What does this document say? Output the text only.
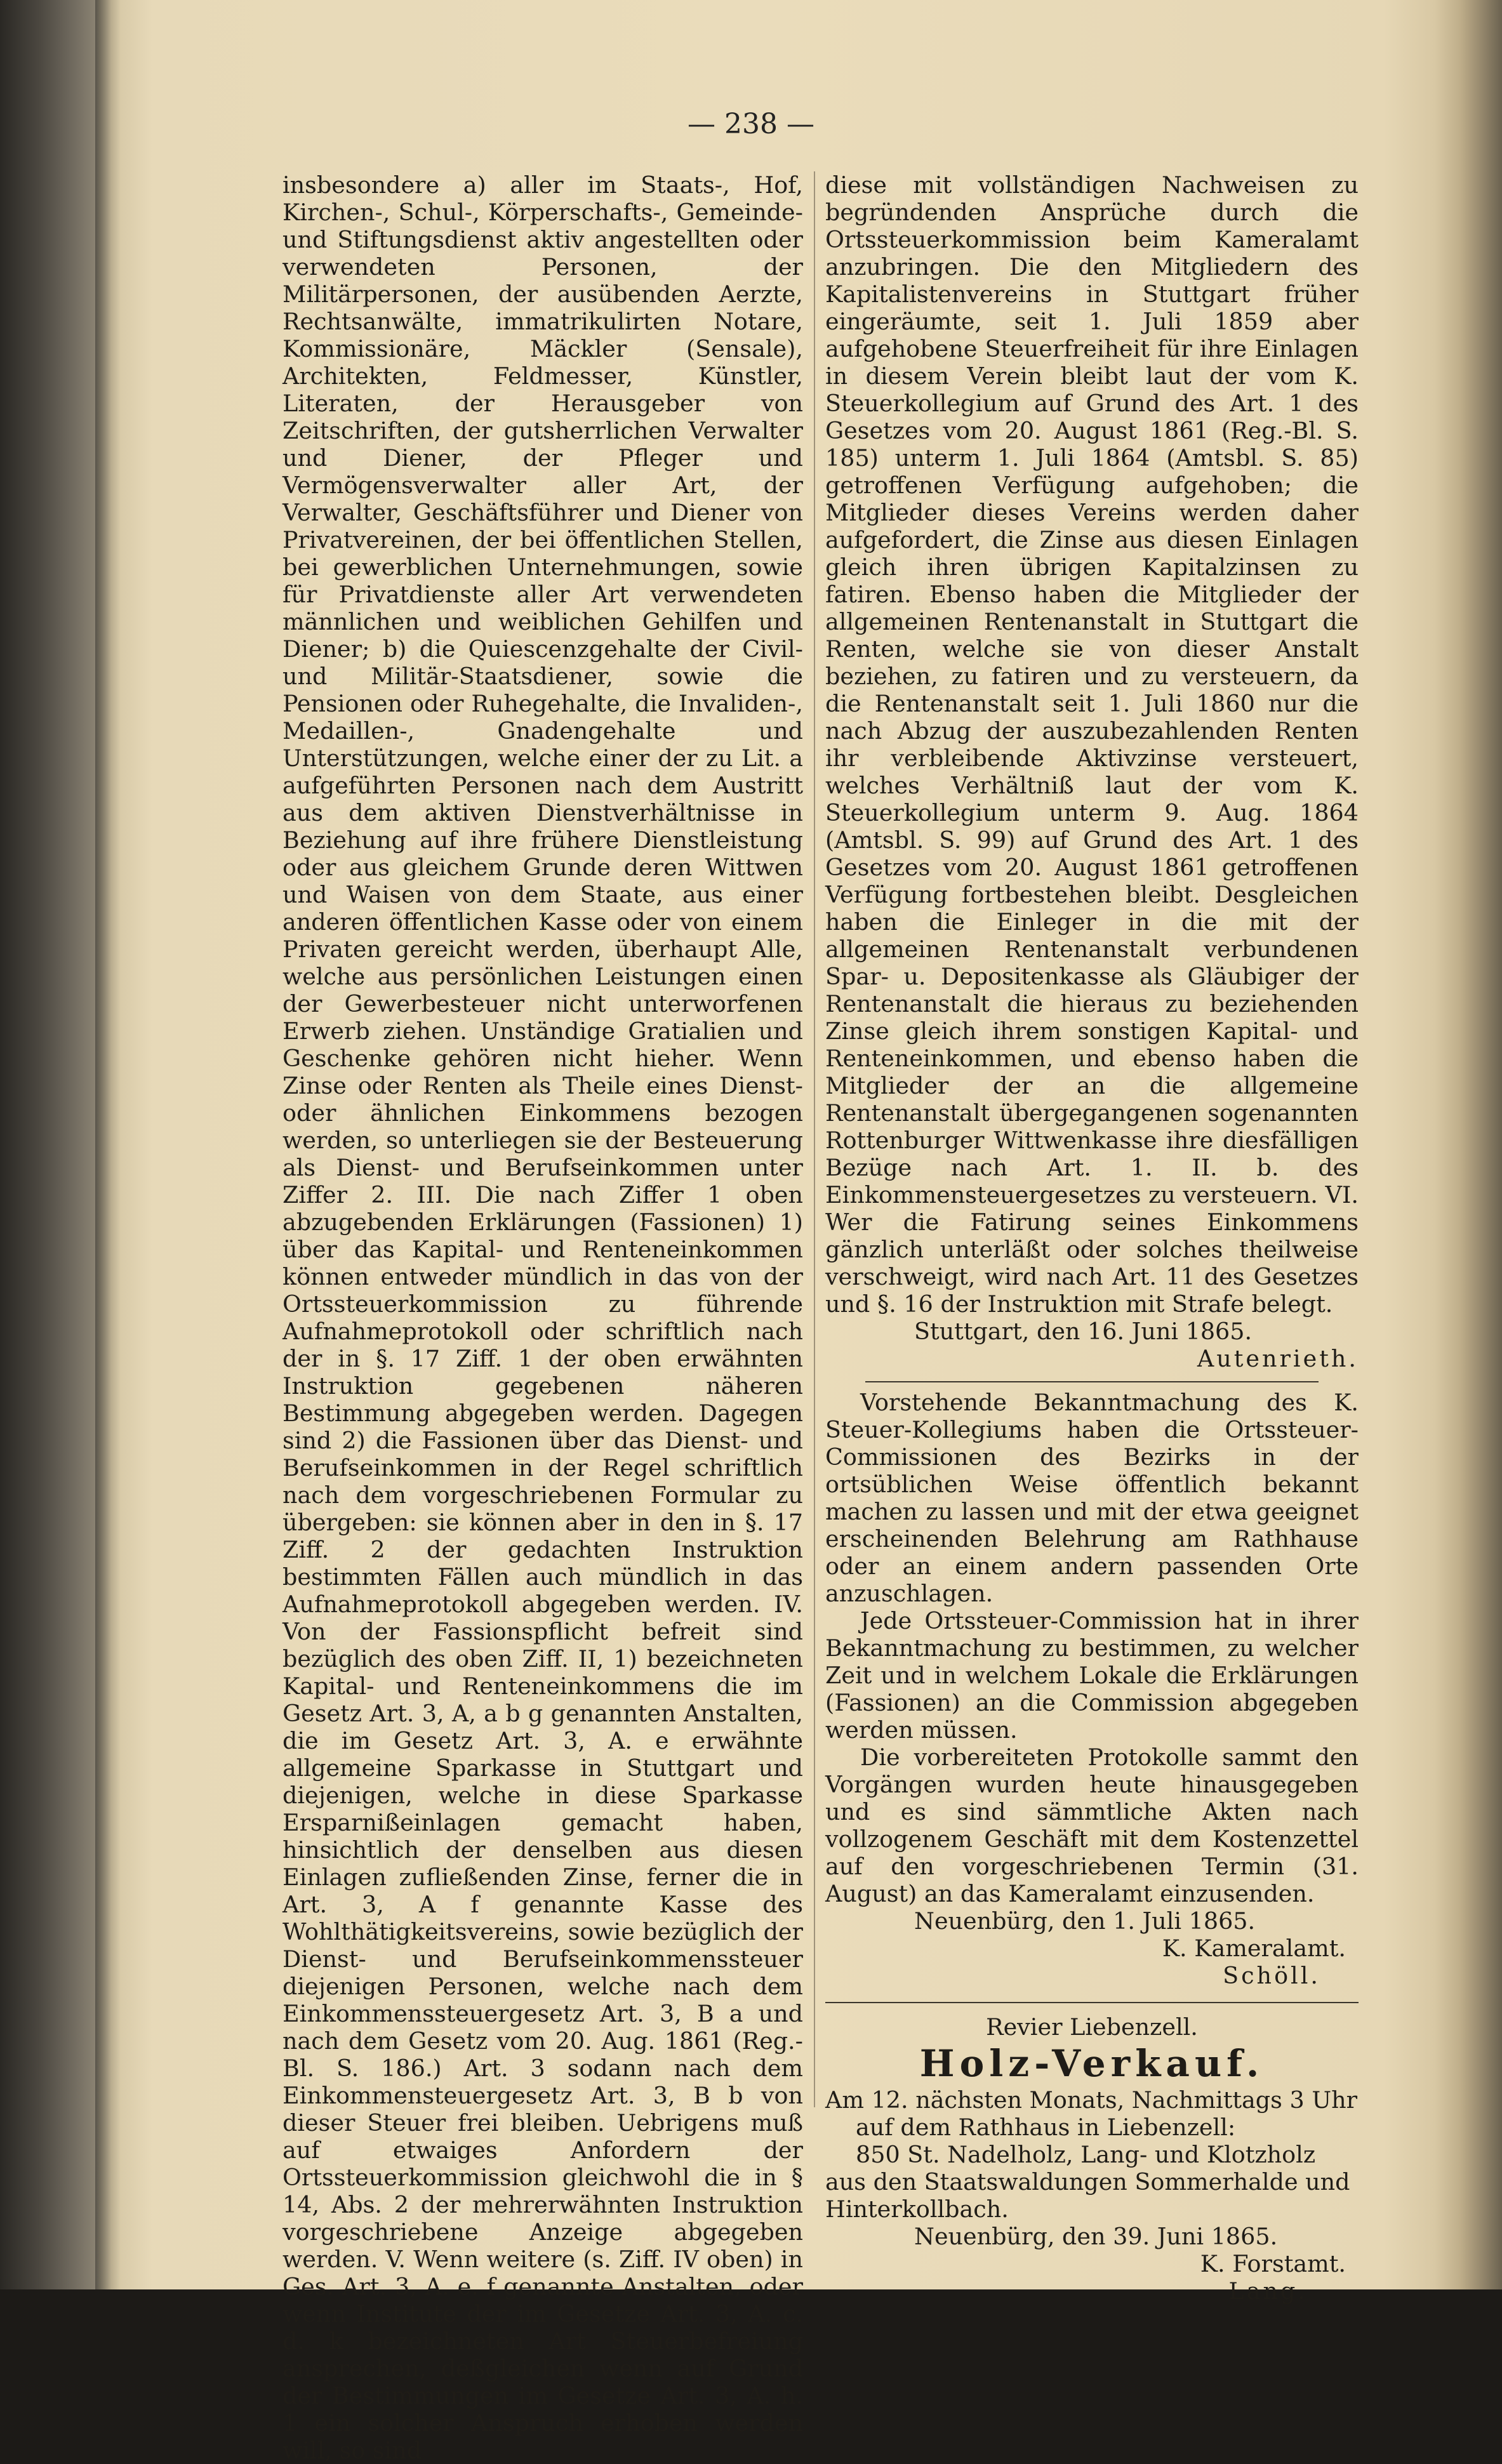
— 238 —

insbesondere a) aller im Staats-, Hof, Kirchen-, Schul-, Körperschafts-, Gemeinde- und Stiftungsdienst aktiv angestellten oder verwendeten Personen, der Militärpersonen, der ausübenden Aerzte, Rechtsanwälte, immatrikulirten Notare, Kommissionäre, Mäckler (Sensale), Architekten, Feldmesser, Künstler, Literaten, der Herausgeber von Zeitschriften, der gutsherrlichen Verwalter und Diener, der Pfleger und Vermögensverwalter aller Art, der Verwalter, Geschäftsführer und Diener von Privatvereinen, der bei öffentlichen Stellen, bei gewerblichen Unternehmungen, sowie für Privatdienste aller Art verwendeten männlichen und weiblichen Gehilfen und Diener; b) die Quiescenzgehalte der Civil- und Militär-Staatsdiener, sowie die Pensionen oder Ruhegehalte, die Invaliden-, Medaillen-, Gnadengehalte und Unterstützungen, welche einer der zu Lit. a aufgeführten Personen nach dem Austritt aus dem aktiven Dienstverhältnisse in Beziehung auf ihre frühere Dienstleistung oder aus gleichem Grunde deren Wittwen und Waisen von dem Staate, aus einer anderen öffentlichen Kasse oder von einem Privaten gereicht werden, überhaupt Alle, welche aus persönlichen Leistungen einen der Gewerbesteuer nicht unterworfenen Erwerb ziehen. Unständige Gratialien und Geschenke gehören nicht hieher. Wenn Zinse oder Renten als Theile eines Dienst- oder ähnlichen Einkommens bezogen werden, so unterliegen sie der Besteuerung als Dienst- und Berufseinkommen unter Ziffer 2. III. Die nach Ziffer 1 oben abzugebenden Erklärungen (Fassionen) 1) über das Kapital- und Renteneinkommen können entweder mündlich in das von der Ortssteuerkommission zu führende Aufnahmeprotokoll oder schriftlich nach der in §. 17 Ziff. 1 der oben erwähnten Instruktion gegebenen näheren Bestimmung abgegeben werden. Dagegen sind 2) die Fassionen über das Dienst- und Berufseinkommen in der Regel schriftlich nach dem vorgeschriebenen Formular zu übergeben: sie können aber in den in §. 17 Ziff. 2 der gedachten Instruktion bestimmten Fällen auch mündlich in das Aufnahmeprotokoll abgegeben werden. IV. Von der Fassionspflicht befreit sind bezüglich des oben Ziff. II, 1) bezeichneten Kapital- und Renteneinkommens die im Gesetz Art. 3, A, a b g genannten Anstalten, die im Gesetz Art. 3, A. e erwähnte allgemeine Sparkasse in Stuttgart und diejenigen, welche in diese Sparkasse Ersparnißeinlagen gemacht haben, hinsichtlich der denselben aus diesen Einlagen zufließenden Zinse, ferner die in Art. 3, A f genannte Kasse des Wohlthätigkeitsvereins, sowie bezüglich der Dienst- und Berufseinkommenssteuer diejenigen Personen, welche nach dem Einkommenssteuergesetz Art. 3, B a und nach dem Gesetz vom 20. Aug. 1861 (Reg.-Bl. S. 186.) Art. 3 sodann nach dem Einkommensteuergesetz Art. 3, B b von dieser Steuer frei bleiben. Uebrigens muß auf etwaiges Anfordern der Ortssteuerkommission gleichwohl die in § 14, Abs. 2 der mehrerwähnten Instruktion vorgeschriebene Anzeige abgegeben werden. V. Wenn weitere (s. Ziff. IV oben) in Ges. Art. 3, A. e. f genannte Anstalten, oder wenn Institute der im Gesetze Art. 3, A. c. d. k bezeichneten Art Steuerbefreiung ansprechen, deßgleichen wenn auf Grund der Bestimmungen im Gesetze Art. 3, A. h. 1 ein solcher Anspruch erhoben werden will, so sind

diese mit vollständigen Nachweisen zu begründenden Ansprüche durch die Ortssteuerkommission beim Kameralamt anzubringen. Die den Mitgliedern des Kapitalistenvereins in Stuttgart früher eingeräumte, seit 1. Juli 1859 aber aufgehobene Steuerfreiheit für ihre Einlagen in diesem Verein bleibt laut der vom K. Steuerkollegium auf Grund des Art. 1 des Gesetzes vom 20. August 1861 (Reg.-Bl. S. 185) unterm 1. Juli 1864 (Amtsbl. S. 85) getroffenen Verfügung aufgehoben; die Mitglieder dieses Vereins werden daher aufgefordert, die Zinse aus diesen Einlagen gleich ihren übrigen Kapitalzinsen zu fatiren. Ebenso haben die Mitglieder der allgemeinen Rentenanstalt in Stuttgart die Renten, welche sie von dieser Anstalt beziehen, zu fatiren und zu versteuern, da die Rentenanstalt seit 1. Juli 1860 nur die nach Abzug der auszubezahlenden Renten ihr verbleibende Aktivzinse versteuert, welches Verhältniß laut der vom K. Steuerkollegium unterm 9. Aug. 1864 (Amtsbl. S. 99) auf Grund des Art. 1 des Gesetzes vom 20. August 1861 getroffenen Verfügung fortbestehen bleibt. Desgleichen haben die Einleger in die mit der allgemeinen Rentenanstalt verbundenen Spar- u. Depositenkasse als Gläubiger der Rentenanstalt die hieraus zu beziehenden Zinse gleich ihrem sonstigen Kapital- und Renteneinkommen, und ebenso haben die Mitglieder der an die allgemeine Rentenanstalt übergegangenen sogenannten Rottenburger Wittwenkasse ihre diesfälligen Bezüge nach Art. 1. II. b. des Einkommensteuergesetzes zu versteuern. VI. Wer die Fatirung seines Einkommens gänzlich unterläßt oder solches theilweise verschweigt, wird nach Art. 11 des Gesetzes und §. 16 der Instruktion mit Strafe belegt.

Stuttgart, den 16. Juni 1865.

Autenrieth.

Vorstehende Bekanntmachung des K. Steuer-Kollegiums haben die Ortssteuer-Commissionen des Bezirks in der ortsüblichen Weise öffentlich bekannt machen zu lassen und mit der etwa geeignet erscheinenden Belehrung am Rathhause oder an einem andern passenden Orte anzuschlagen.

Jede Ortssteuer-Commission hat in ihrer Bekanntmachung zu bestimmen, zu welcher Zeit und in welchem Lokale die Erklärungen (Fassionen) an die Commission abgegeben werden müssen.

Die vorbereiteten Protokolle sammt den Vorgängen wurden heute hinausgegeben und es sind sämmtliche Akten nach vollzogenem Geschäft mit dem Kostenzettel auf den vorgeschriebenen Termin (31. August) an das Kameralamt einzusenden.

Neuenbürg, den 1. Juli 1865.

K. Kameralamt.

Schöll.

Revier Liebenzell.

Holz-Verkauf.

Am 12. nächsten Monats, Nachmittags 3 Uhr

auf dem Rathhaus in Liebenzell:

850 St. Nadelholz, Lang- und Klotzholz

aus den Staatswaldungen Sommerhalde und

Hinterkollbach.

Neuenbürg, den 39. Juni 1865.

K. Forstamt.

Lang.
